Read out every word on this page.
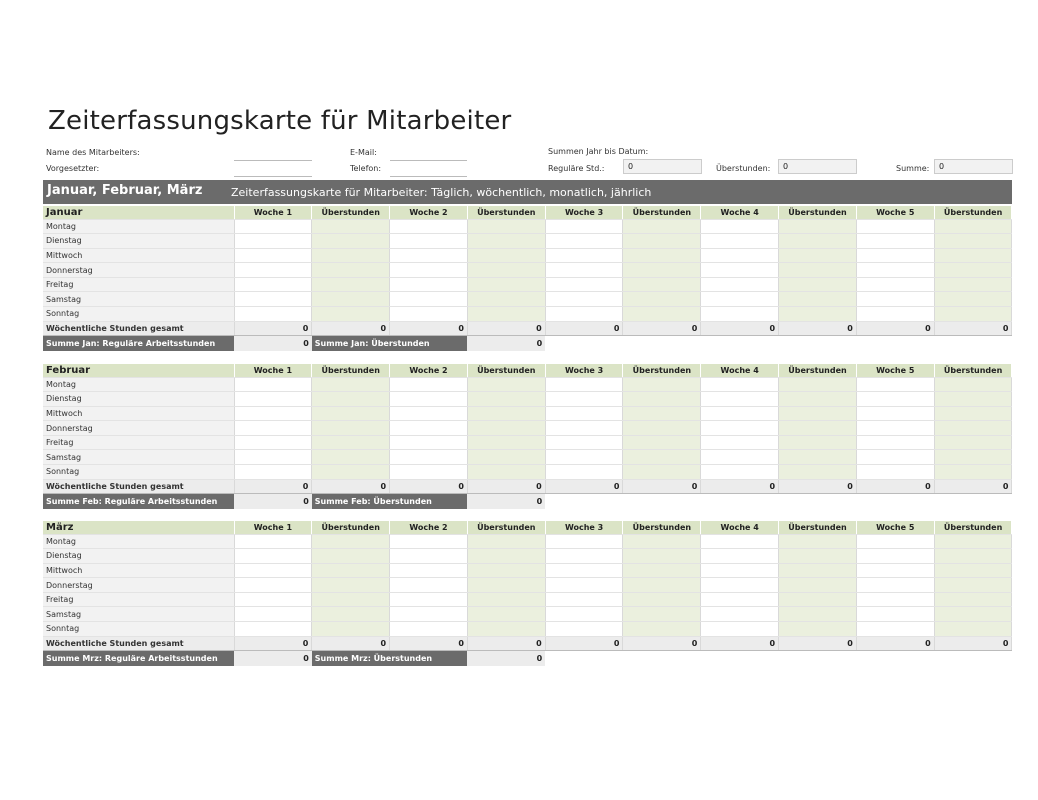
Zeiterfassungskarte für Mitarbeiter
Name des Mitarbeiters:
Vorgesetzter:
E-Mail:
Telefon:
Summen Jahr bis Datum:
Reguläre Std.:	0	Überstunden:	0	Summe:	0
Januar, Februar, März	Zeiterfassungskarte für Mitarbeiter: Täglich, wöchentlich, monatlich, jährlich
Januar	Woche 1	Überstunden	Woche 2	Überstunden	Woche 3	Überstunden	Woche 4	Überstunden	Woche 5	Überstunden
Montag										
Dienstag										
Mittwoch										
Donnerstag										
Freitag										
Samstag										
Sonntag										
Wöchentliche Stunden gesamt	0	0	0	0	0	0	0	0	0	0
Summe Jan: Reguläre Arbeitsstunden	0	Summe Jan: Überstunden		0						
Februar	Woche 1	Überstunden	Woche 2	Überstunden	Woche 3	Überstunden	Woche 4	Überstunden	Woche 5	Überstunden
Montag										
Dienstag										
Mittwoch										
Donnerstag										
Freitag										
Samstag										
Sonntag										
Wöchentliche Stunden gesamt	0	0	0	0	0	0	0	0	0	0
Summe Feb: Reguläre Arbeitsstunden	0	Summe Feb: Überstunden		0						
März	Woche 1	Überstunden	Woche 2	Überstunden	Woche 3	Überstunden	Woche 4	Überstunden	Woche 5	Überstunden
Montag										
Dienstag										
Mittwoch										
Donnerstag										
Freitag										
Samstag										
Sonntag										
Wöchentliche Stunden gesamt	0	0	0	0	0	0	0	0	0	0
Summe Mrz: Reguläre Arbeitsstunden	0	Summe Mrz: Überstunden		0						
